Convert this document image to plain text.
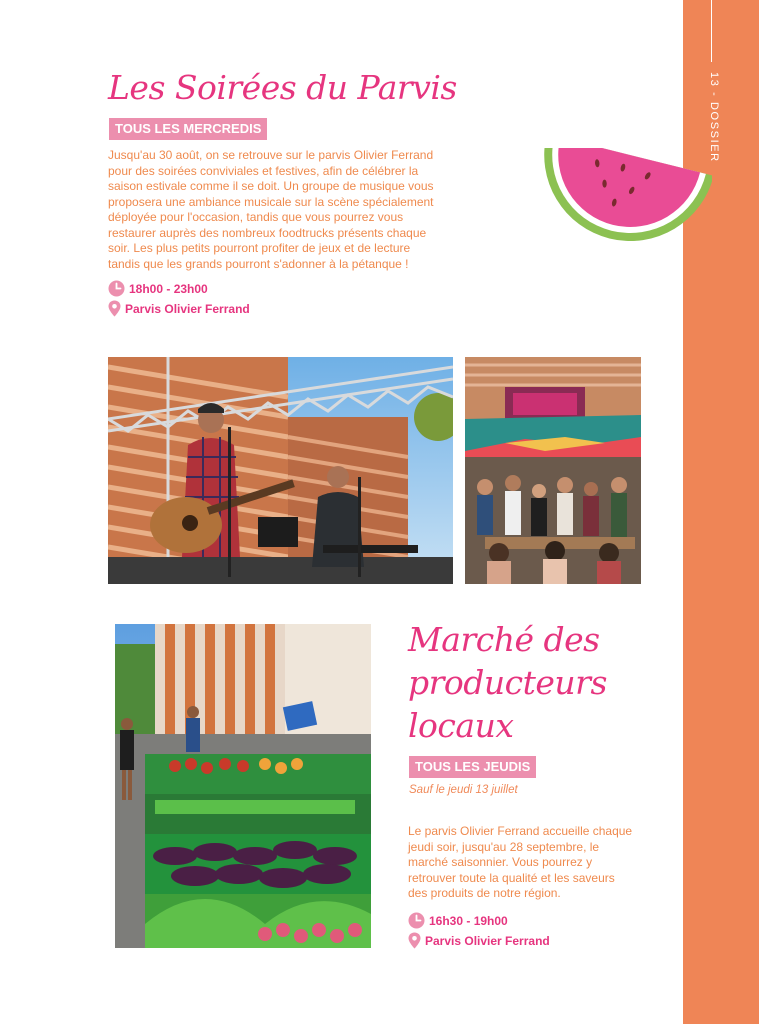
13 - DOSSIER
Les Soirées du Parvis
TOUS LES MERCREDIS
Jusqu'au 30 août, on se retrouve sur le parvis Olivier Ferrand
pour des soirées conviviales et festives, afin de célébrer la
saison estivale comme il se doit. Un groupe de musique vous
proposera une ambiance musicale sur la scène spécialement
déployée pour l'occasion, tandis que vous pourrez vous
restaurer auprès des nombreux foodtrucks présents chaque
soir. Les plus petits pourront profiter de jeux et de lecture
tandis que les grands pourront s'adonner à la pétanque !
18h00 - 23h00
Parvis Olivier Ferrand
Marché des
producteurs
locaux
TOUS LES JEUDIS
Sauf le jeudi 13 juillet
Le parvis Olivier Ferrand accueille chaque
jeudi soir, jusqu'au 28 septembre, le
marché saisonnier. Vous pourrez y
retrouver toute la qualité et les saveurs
des produits de notre région.
16h30 - 19h00
Parvis Olivier Ferrand
